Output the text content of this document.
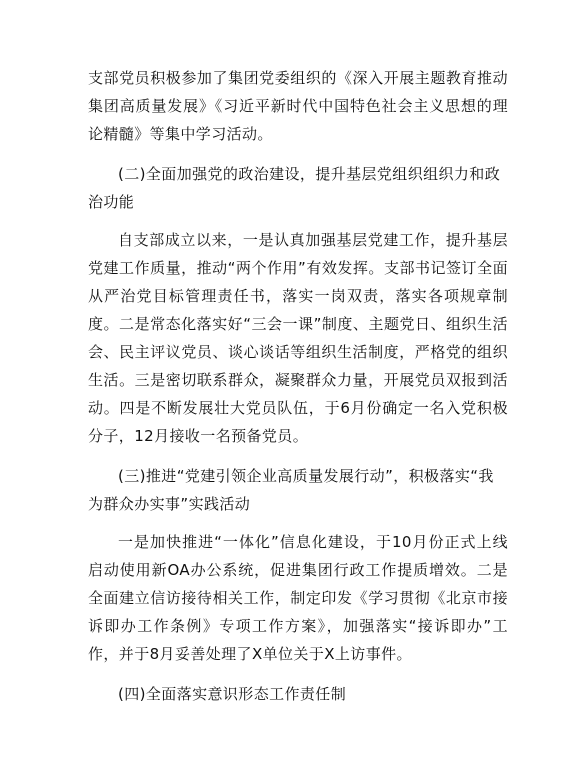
支部党员积极参加了集团党委组织的《深入开展主题教育推动集团高质量发展》《习近平新时代中国特色社会主义思想的理论精髓》等集中学习活动。

(二)全面加强党的政治建设，提升基层党组织组织力和政治功能

自支部成立以来，一是认真加强基层党建工作，提升基层党建工作质量，推动“两个作用”有效发挥。支部书记签订全面从严治党目标管理责任书，落实一岗双责，落实各项规章制度。二是常态化落实好“三会一课”制度、主题党日、组织生活会、民主评议党员、谈心谈话等组织生活制度，严格党的组织生活。三是密切联系群众，凝聚群众力量，开展党员双报到活动。四是不断发展壮大党员队伍，于6月份确定一名入党积极分子，12月接收一名预备党员。

(三)推进“党建引领企业高质量发展行动”，积极落实“我为群众办实事”实践活动

一是加快推进“一体化”信息化建设，于10月份正式上线启动使用新OA办公系统，促进集团行政工作提质增效。二是全面建立信访接待相关工作，制定印发《学习贯彻《北京市接诉即办工作条例》专项工作方案》，加强落实“接诉即办”工作，并于8月妥善处理了X单位关于X上访事件。

(四)全面落实意识形态工作责任制
